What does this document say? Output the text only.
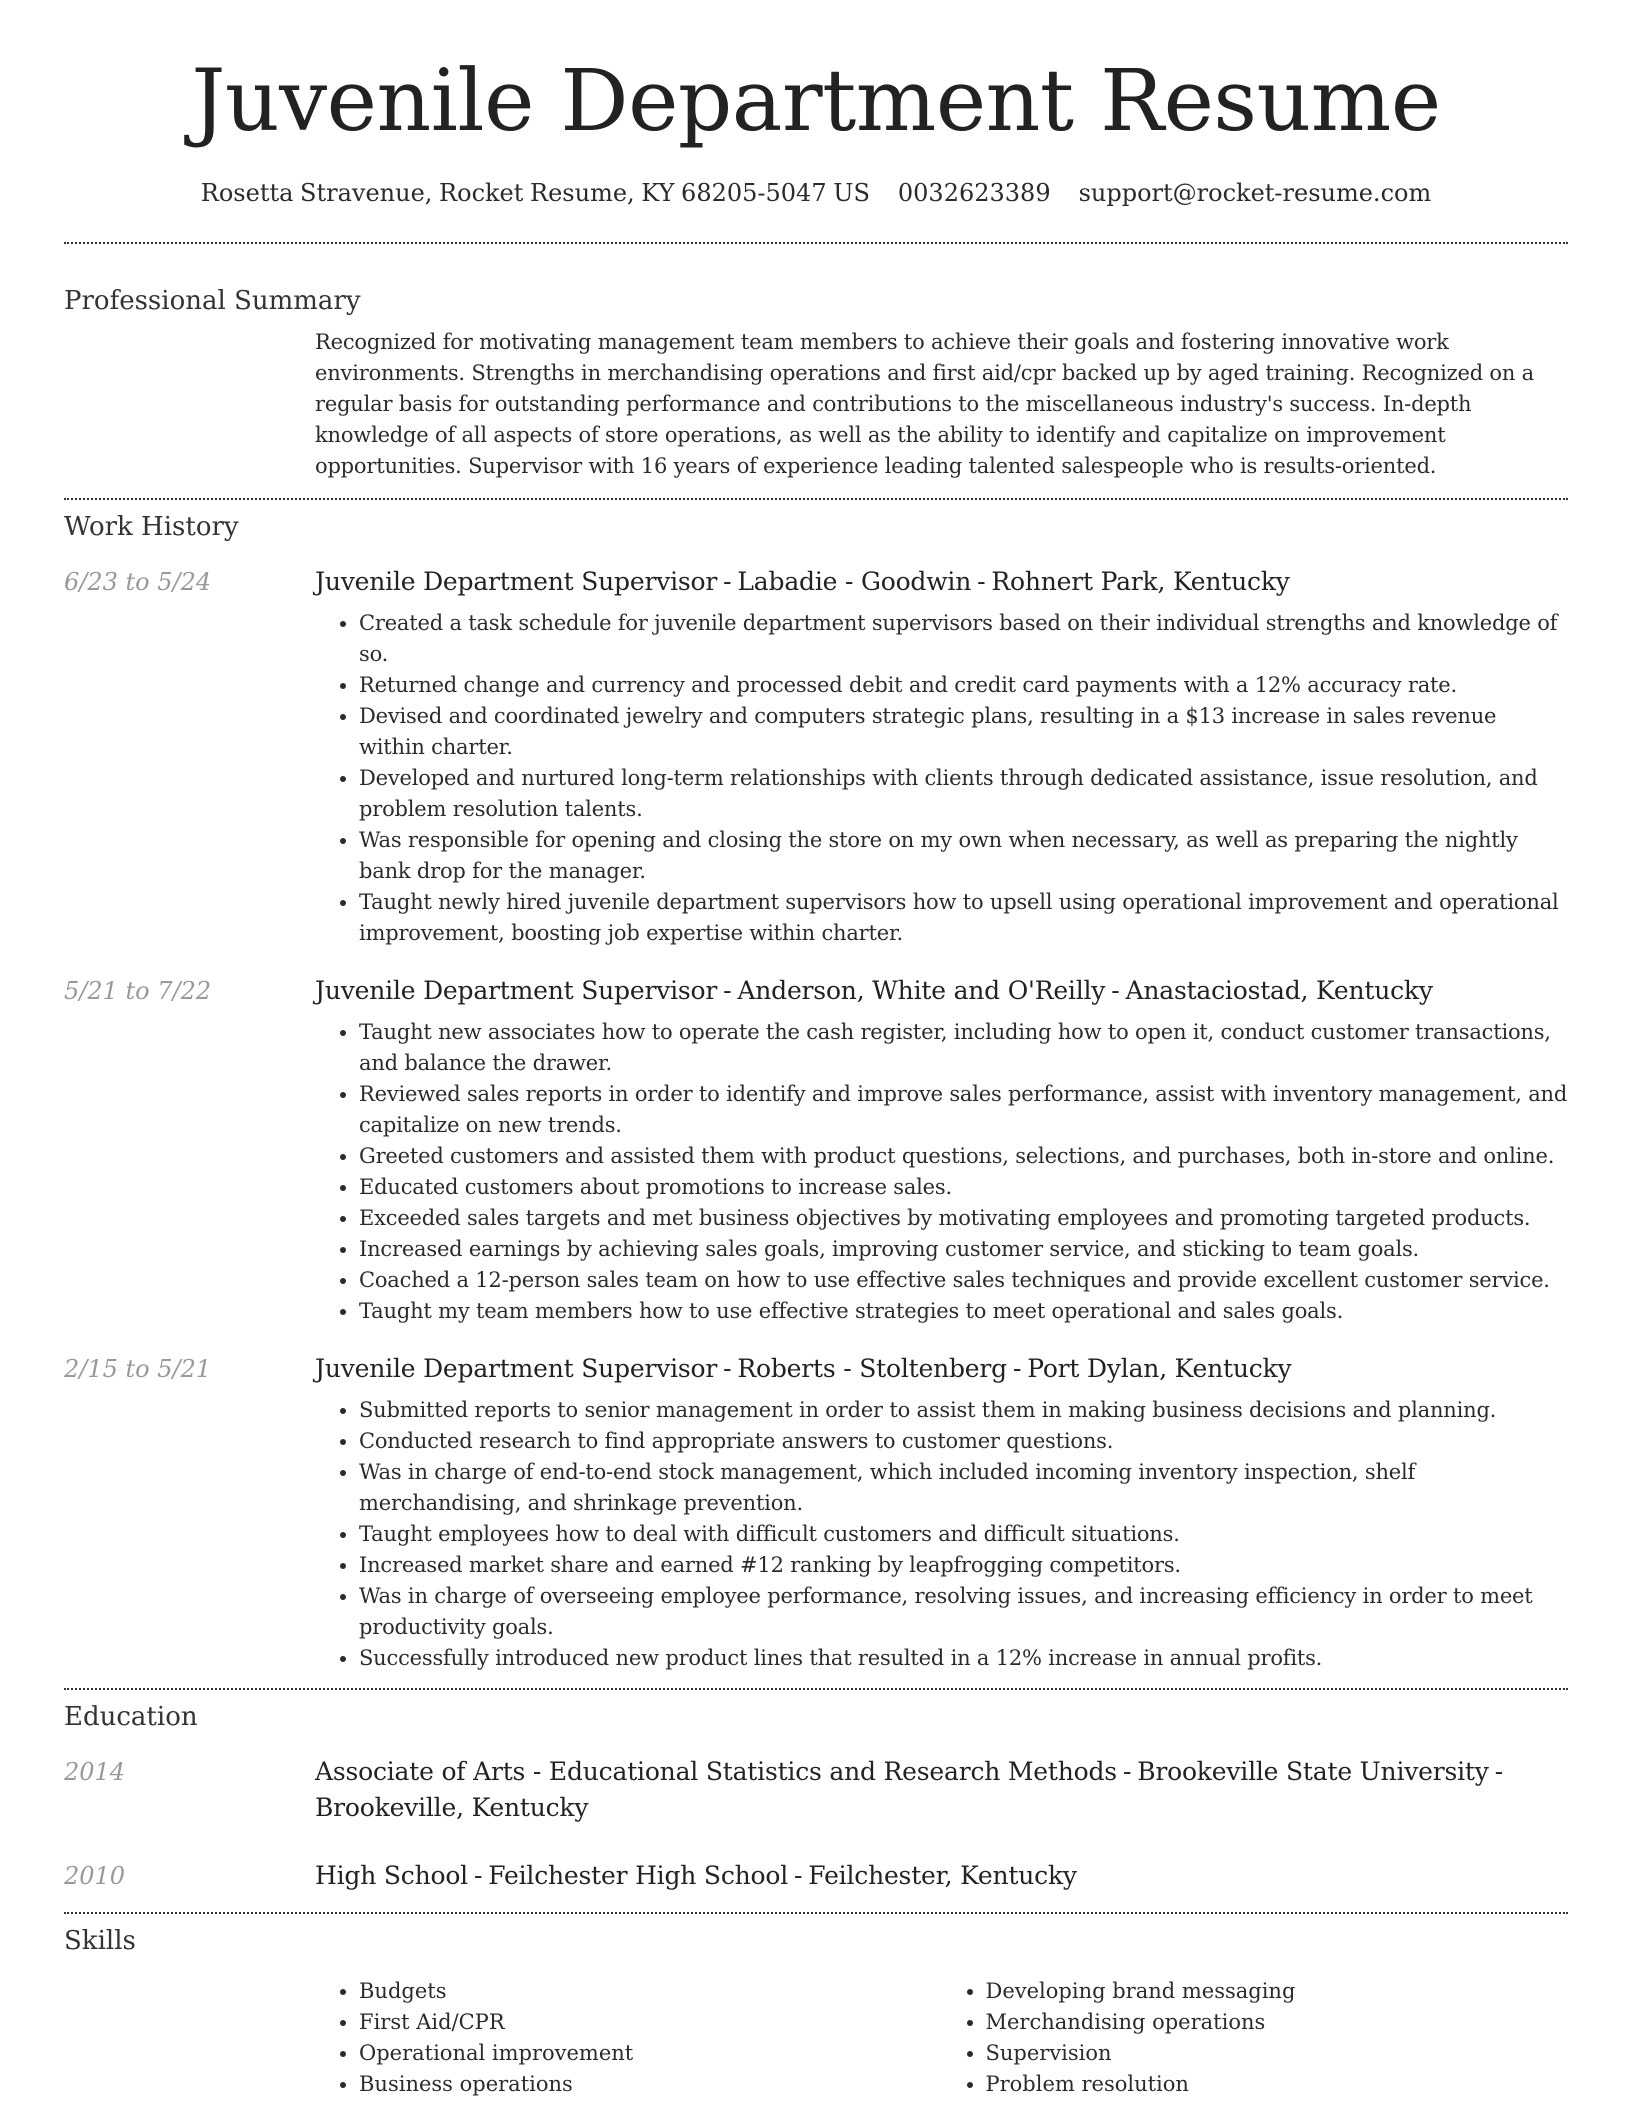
Juvenile Department Resume
Rosetta Stravenue, Rocket Resume, KY 68205-5047 US 0032623389 support@rocket-resume.com
Professional Summary
Recognized for motivating management team members to achieve their goals and fostering innovative work environments. Strengths in merchandising operations and first aid/cpr backed up by aged training. Recognized on a regular basis for outstanding performance and contributions to the miscellaneous industry's success. In-depth knowledge of all aspects of store operations, as well as the ability to identify and capitalize on improvement opportunities. Supervisor with 16 years of experience leading talented salespeople who is results-oriented.
Work History
6/23 to 5/24	Juvenile Department Supervisor - Labadie - Goodwin - Rohnert Park, Kentucky
• Created a task schedule for juvenile department supervisors based on their individual strengths and knowledge of so.
• Returned change and currency and processed debit and credit card payments with a 12% accuracy rate.
• Devised and coordinated jewelry and computers strategic plans, resulting in a $13 increase in sales revenue within charter.
• Developed and nurtured long-term relationships with clients through dedicated assistance, issue resolution, and problem resolution talents.
• Was responsible for opening and closing the store on my own when necessary, as well as preparing the nightly bank drop for the manager.
• Taught newly hired juvenile department supervisors how to upsell using operational improvement and operational improvement, boosting job expertise within charter.
5/21 to 7/22	Juvenile Department Supervisor - Anderson, White and O'Reilly - Anastaciostad, Kentucky
• Taught new associates how to operate the cash register, including how to open it, conduct customer transactions, and balance the drawer.
• Reviewed sales reports in order to identify and improve sales performance, assist with inventory management, and capitalize on new trends.
• Greeted customers and assisted them with product questions, selections, and purchases, both in-store and online.
• Educated customers about promotions to increase sales.
• Exceeded sales targets and met business objectives by motivating employees and promoting targeted products.
• Increased earnings by achieving sales goals, improving customer service, and sticking to team goals.
• Coached a 12-person sales team on how to use effective sales techniques and provide excellent customer service.
• Taught my team members how to use effective strategies to meet operational and sales goals.
2/15 to 5/21	Juvenile Department Supervisor - Roberts - Stoltenberg - Port Dylan, Kentucky
• Submitted reports to senior management in order to assist them in making business decisions and planning.
• Conducted research to find appropriate answers to customer questions.
• Was in charge of end-to-end stock management, which included incoming inventory inspection, shelf merchandising, and shrinkage prevention.
• Taught employees how to deal with difficult customers and difficult situations.
• Increased market share and earned #12 ranking by leapfrogging competitors.
• Was in charge of overseeing employee performance, resolving issues, and increasing efficiency in order to meet productivity goals.
• Successfully introduced new product lines that resulted in a 12% increase in annual profits.
Education
2014	Associate of Arts - Educational Statistics and Research Methods - Brookeville State University -Brookeville, Kentucky
2010	High School - Feilchester High School - Feilchester, Kentucky
Skills
• Budgets
• First Aid/CPR
• Operational improvement
• Business operations
• Developing brand messaging
• Merchandising operations
• Supervision
• Problem resolution
